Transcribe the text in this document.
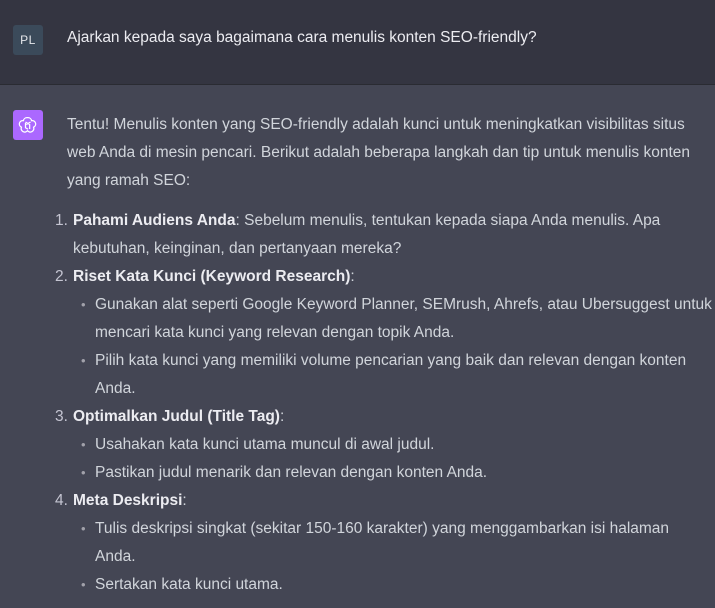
PL	Ajarkan kepada saya bagaimana cara menulis konten SEO-friendly?

Tentu! Menulis konten yang SEO-friendly adalah kunci untuk meningkatkan visibilitas situs web Anda di mesin pencari. Berikut adalah beberapa langkah dan tip untuk menulis konten yang ramah SEO:

1. Pahami Audiens Anda: Sebelum menulis, tentukan kepada siapa Anda menulis. Apa kebutuhan, keinginan, dan pertanyaan mereka?
2. Riset Kata Kunci (Keyword Research):
• Gunakan alat seperti Google Keyword Planner, SEMrush, Ahrefs, atau Ubersuggest untuk mencari kata kunci yang relevan dengan topik Anda.
• Pilih kata kunci yang memiliki volume pencarian yang baik dan relevan dengan konten Anda.
3. Optimalkan Judul (Title Tag):
• Usahakan kata kunci utama muncul di awal judul.
• Pastikan judul menarik dan relevan dengan konten Anda.
4. Meta Deskripsi:
• Tulis deskripsi singkat (sekitar 150-160 karakter) yang menggambarkan isi halaman Anda.
• Sertakan kata kunci utama.
